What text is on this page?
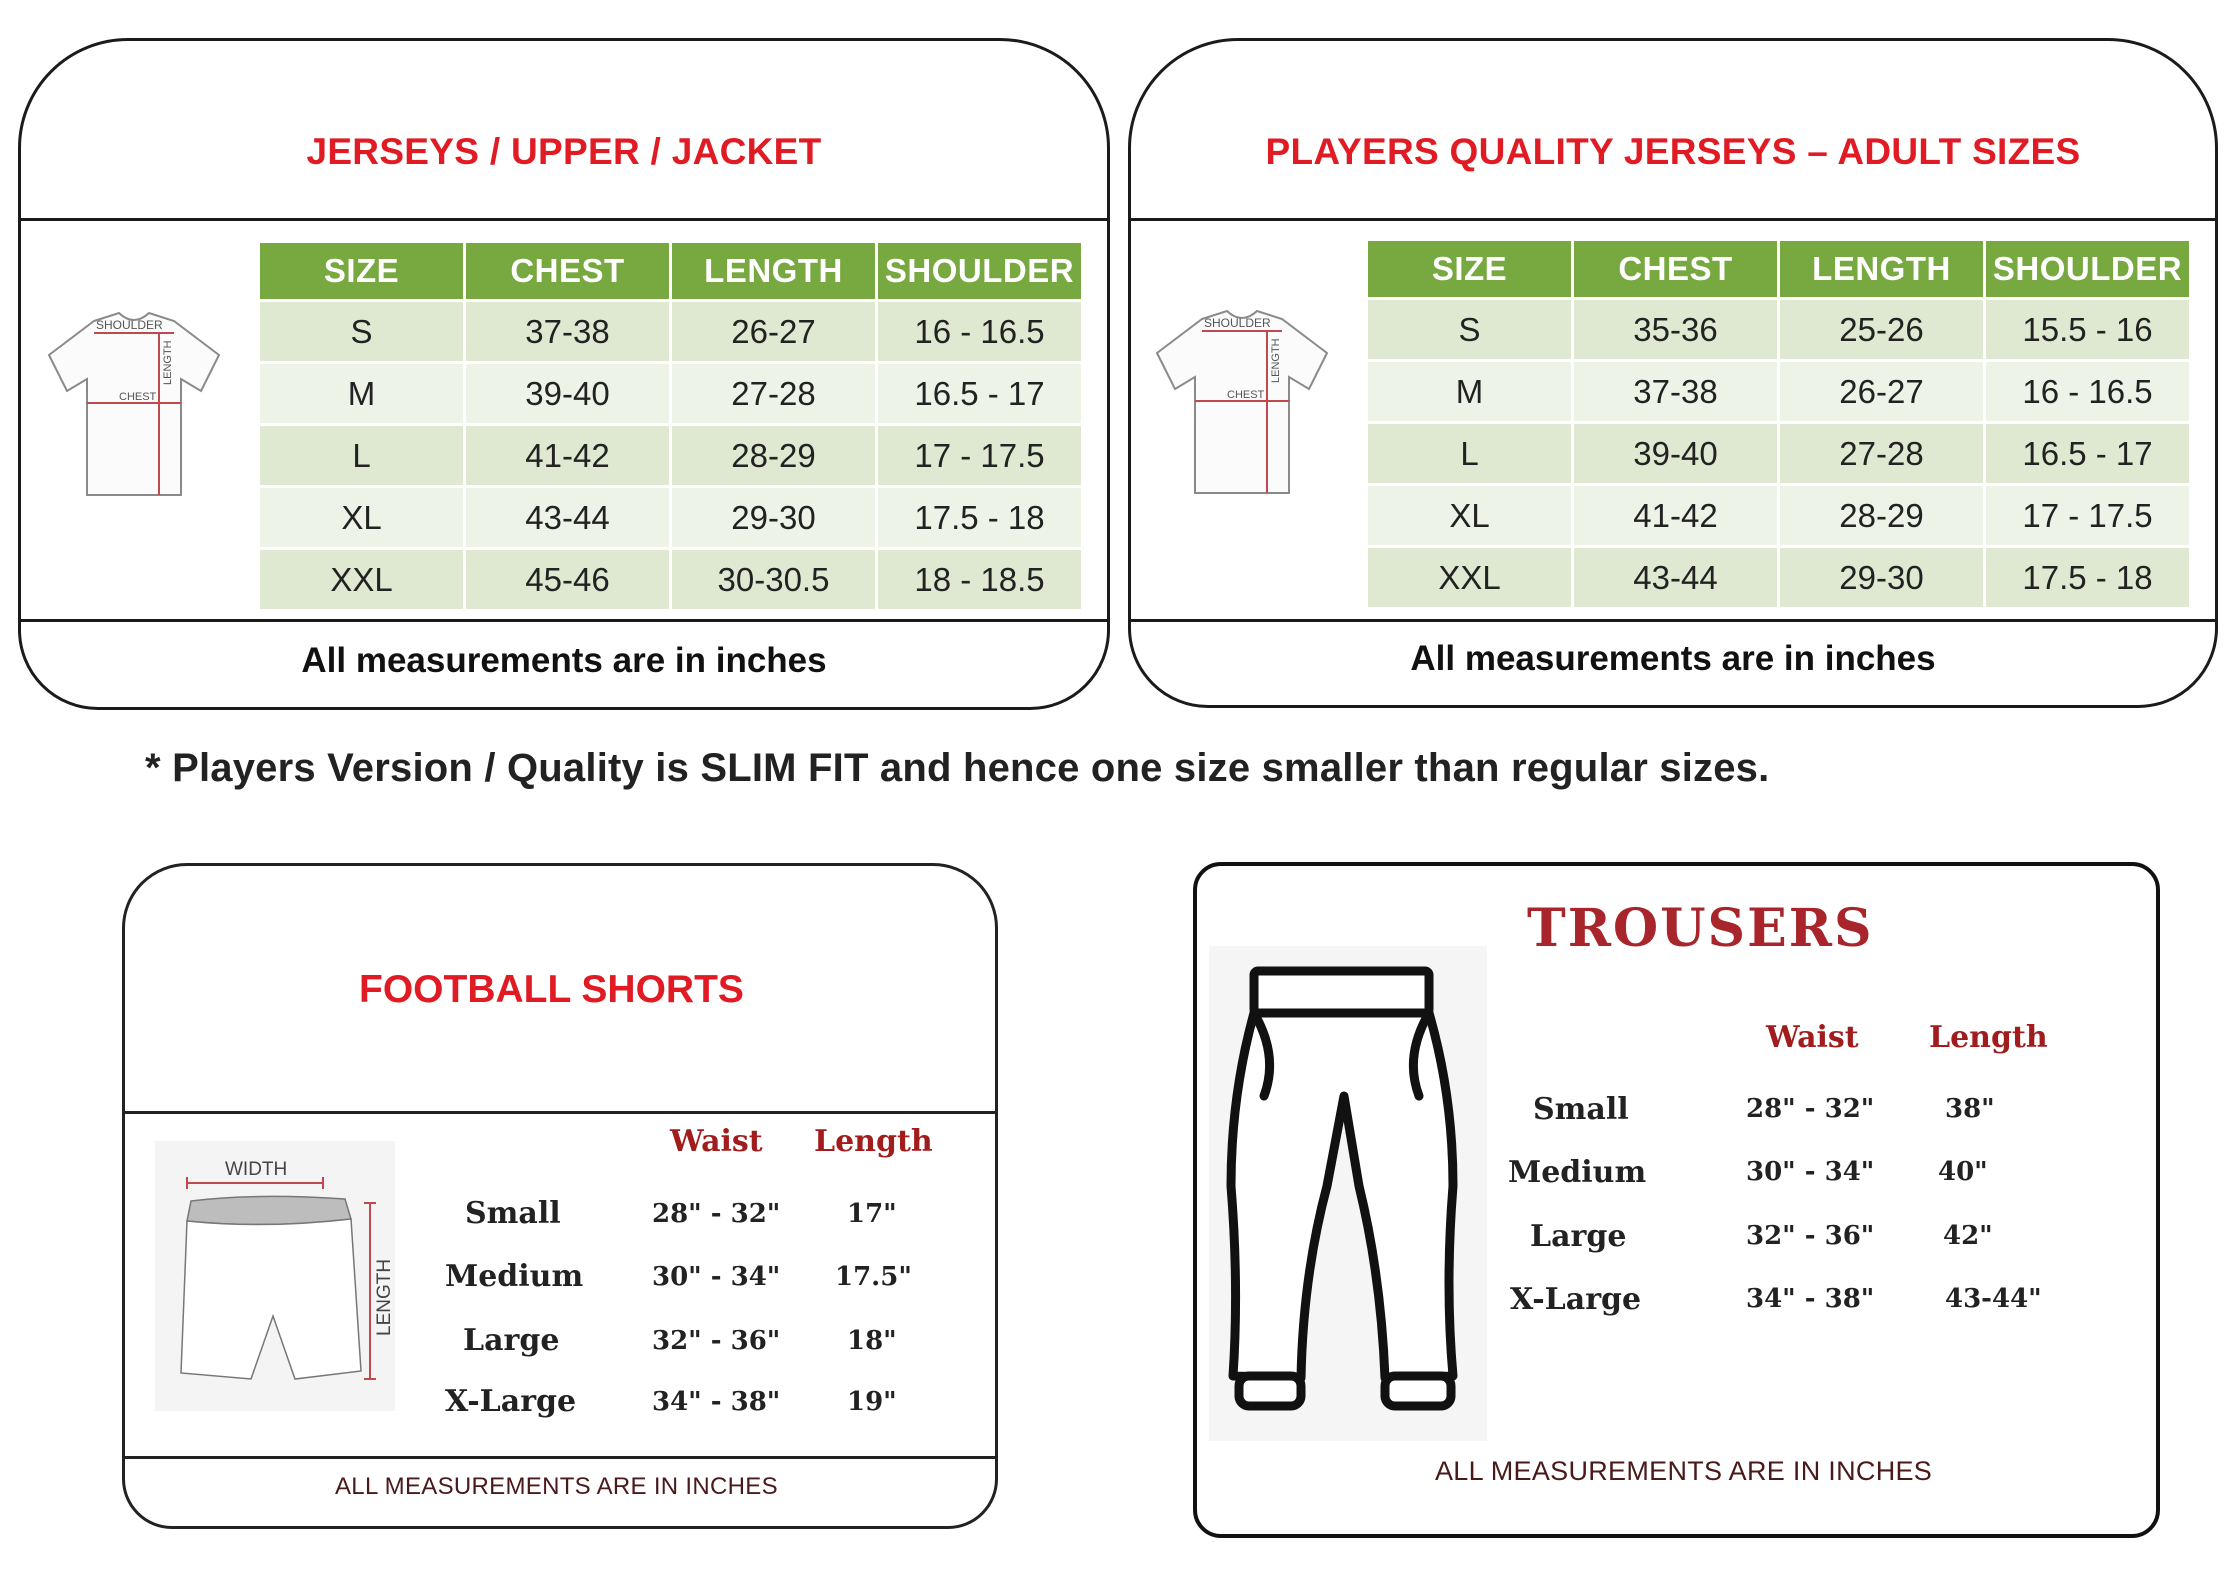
JERSEYS / UPPER / JACKET
All measurements are in inches
SHOULDER
CHEST
LENGTH
SIZE	CHEST	LENGTH	SHOULDER
S	37-38	26-27	16 - 16.5
M	39-40	27-28	16.5 - 17
L	41-42	28-29	17 - 17.5
XL	43-44	29-30	17.5 - 18
XXL	45-46	30-30.5	18 - 18.5
PLAYERS QUALITY JERSEYS – ADULT SIZES
All measurements are in inches
SHOULDER
CHEST
LENGTH
SIZE	CHEST	LENGTH	SHOULDER
S	35-36	25-26	15.5 - 16
M	37-38	26-27	16 - 16.5
L	39-40	27-28	16.5 - 17
XL	41-42	28-29	17 - 17.5
XXL	43-44	29-30	17.5 - 18
* Players Version / Quality is SLIM FIT and hence one size smaller than regular sizes.
FOOTBALL SHORTS
WIDTH
LENGTH
Waist Length
Small	28" - 32"	17"
Medium	30" - 34" 17.5"
Large	32" - 36"	18"
X-Large	34" - 38"	19"
ALL MEASUREMENTS ARE IN INCHES
TROUSERS
Waist Length
Small	28" - 32"	38"
Medium	30" - 34" 40"
Large	32" - 36"	42"
X-Large	34" - 38"	43-44"
ALL MEASUREMENTS ARE IN INCHES
